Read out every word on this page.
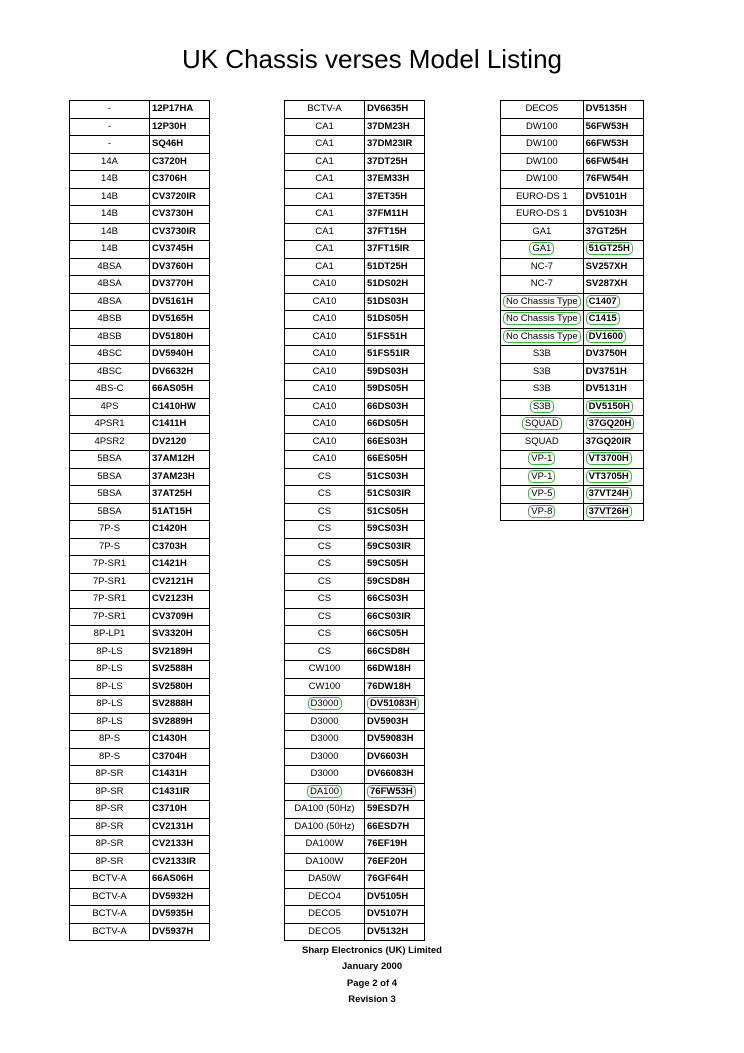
UK Chassis verses Model Listing
-	12P17HA
-	12P30H
-	SQ46H
14A	C3720H
14B	C3706H
14B	CV3720IR
14B	CV3730H
14B	CV3730IR
14B	CV3745H
4BSA	DV3760H
4BSA	DV3770H
4BSA	DV5161H
4BSB	DV5165H
4BSB	DV5180H
4BSC	DV5940H
4BSC	DV6632H
4BS-C	66AS05H
4PS	C1410HW
4PSR1	C1411H
4PSR2	DV2120
5BSA	37AM12H
5BSA	37AM23H
5BSA	37AT25H
5BSA	51AT15H
7P-S	C1420H
7P-S	C3703H
7P-SR1	C1421H
7P-SR1	CV2121H
7P-SR1	CV2123H
7P-SR1	CV3709H
8P-LP1	SV3320H
8P-LS	SV2189H
8P-LS	SV2588H
8P-LS	SV2580H
8P-LS	SV2888H
8P-LS	SV2889H
8P-S	C1430H
8P-S	C3704H
8P-SR	C1431H
8P-SR	C1431IR
8P-SR	C3710H
8P-SR	CV2131H
8P-SR	CV2133H
8P-SR	CV2133IR
BCTV-A	66AS06H
BCTV-A	DV5932H
BCTV-A	DV5935H
BCTV-A	DV5937H
BCTV-A	DV6635H
CA1	37DM23H
CA1	37DM23IR
CA1	37DT25H
CA1	37EM33H
CA1	37ET35H
CA1	37FM11H
CA1	37FT15H
CA1	37FT15IR
CA1	51DT25H
CA10	51DS02H
CA10	51DS03H
CA10	51DS05H
CA10	51FS51H
CA10	51FS51IR
CA10	59DS03H
CA10	59DS05H
CA10	66DS03H
CA10	66DS05H
CA10	66ES03H
CA10	66ES05H
CS	51CS03H
CS	51CS03IR
CS	51CS05H
CS	59CS03H
CS	59CS03IR
CS	59CS05H
CS	59CSD8H
CS	66CS03H
CS	66CS03IR
CS	66CS05H
CS	66CSD8H
CW100	66DW18H
CW100	76DW18H
D3000	DV51083H
D3000	DV5903H
D3000	DV59083H
D3000	DV6603H
D3000	DV66083H
DA100	76FW53H
DA100 (50Hz)	59ESD7H
DA100 (50Hz)	66ESD7H
DA100W	76EF19H
DA100W	76EF20H
DA50W	76GF64H
DECO4	DV5105H
DECO5	DV5107H
DECO5	DV5132H
DECO5	DV5135H
DW100	56FW53H
DW100	66FW53H
DW100	66FW54H
DW100	76FW54H
EURO-DS 1	DV5101H
EURO-DS 1	DV5103H
GA1	37GT25H
GA1	51GT25H
NC-7	SV257XH
NC-7	SV287XH
No Chassis Type	C1407
No Chassis Type	C1415
No Chassis Type	DV1600
S3B	DV3750H
S3B	DV3751H
S3B	DV5131H
S3B	DV5150H
SQUAD	37GQ20H
SQUAD	37GQ20IR
VP-1	VT3700H
VP-1	VT3705H
VP-5	37VT24H
VP-8	37VT26H
Sharp Electronics (UK) Limited
January 2000
Page 2 of 4
Revision 3
